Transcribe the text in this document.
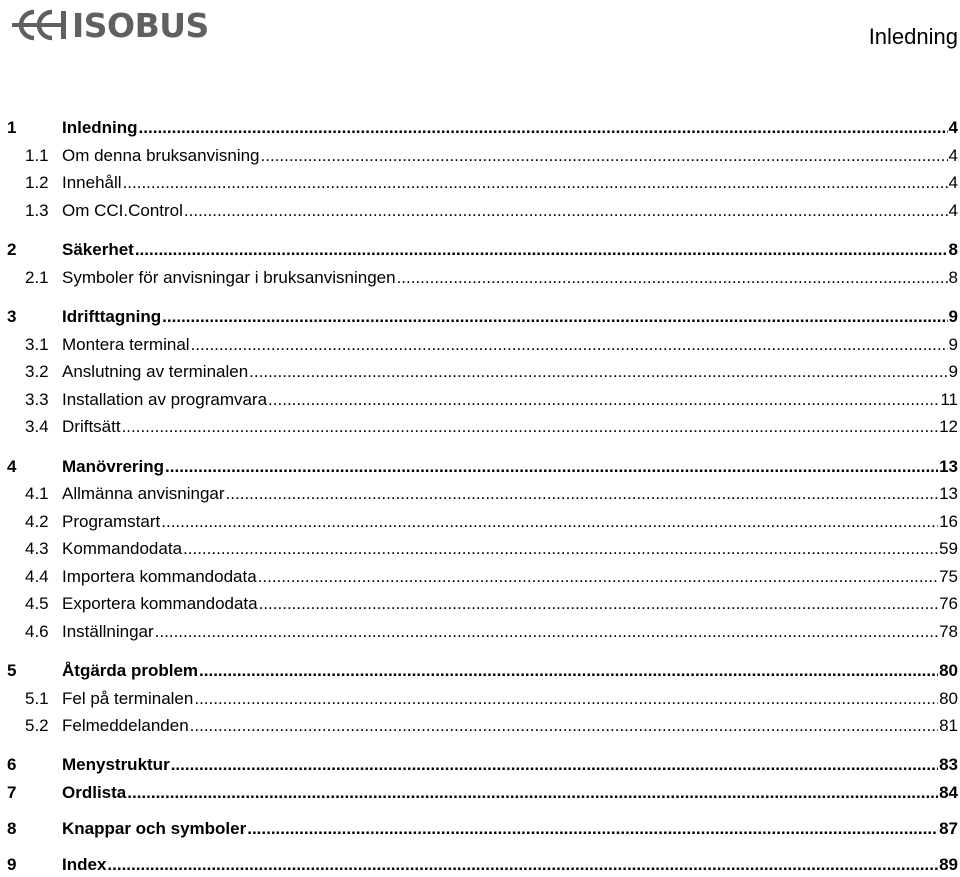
ISOBUS	Inledning
1	Inledning .....	4
1.1 Om denna bruksanvisning .....	4
1.2 Innehåll .....	4
1.3 Om CCI.Control .....	4
2	Säkerhet .....	8
2.1 Symboler för anvisningar i bruksanvisningen .....	8
3	Idrifttagning .....	9
3.1 Montera terminal .....	9
3.2 Anslutning av terminalen .....	9
3.3 Installation av programvara .....	11
3.4 Driftsätt .....	12
4	Manövrering .....	13
4.1 Allmänna anvisningar .....	13
4.2 Programstart .....	16
4.3 Kommandodata .....	59
4.4 Importera kommandodata .....	75
4.5 Exportera kommandodata .....	76
4.6 Inställningar .....	78
5	Åtgärda problem .....	80
5.1 Fel på terminalen .....	80
5.2 Felmeddelanden .....	81
6	Menystruktur .....	83
7	Ordlista .....	84
8	Knappar och symboler .....	87
9	Index .....	89
